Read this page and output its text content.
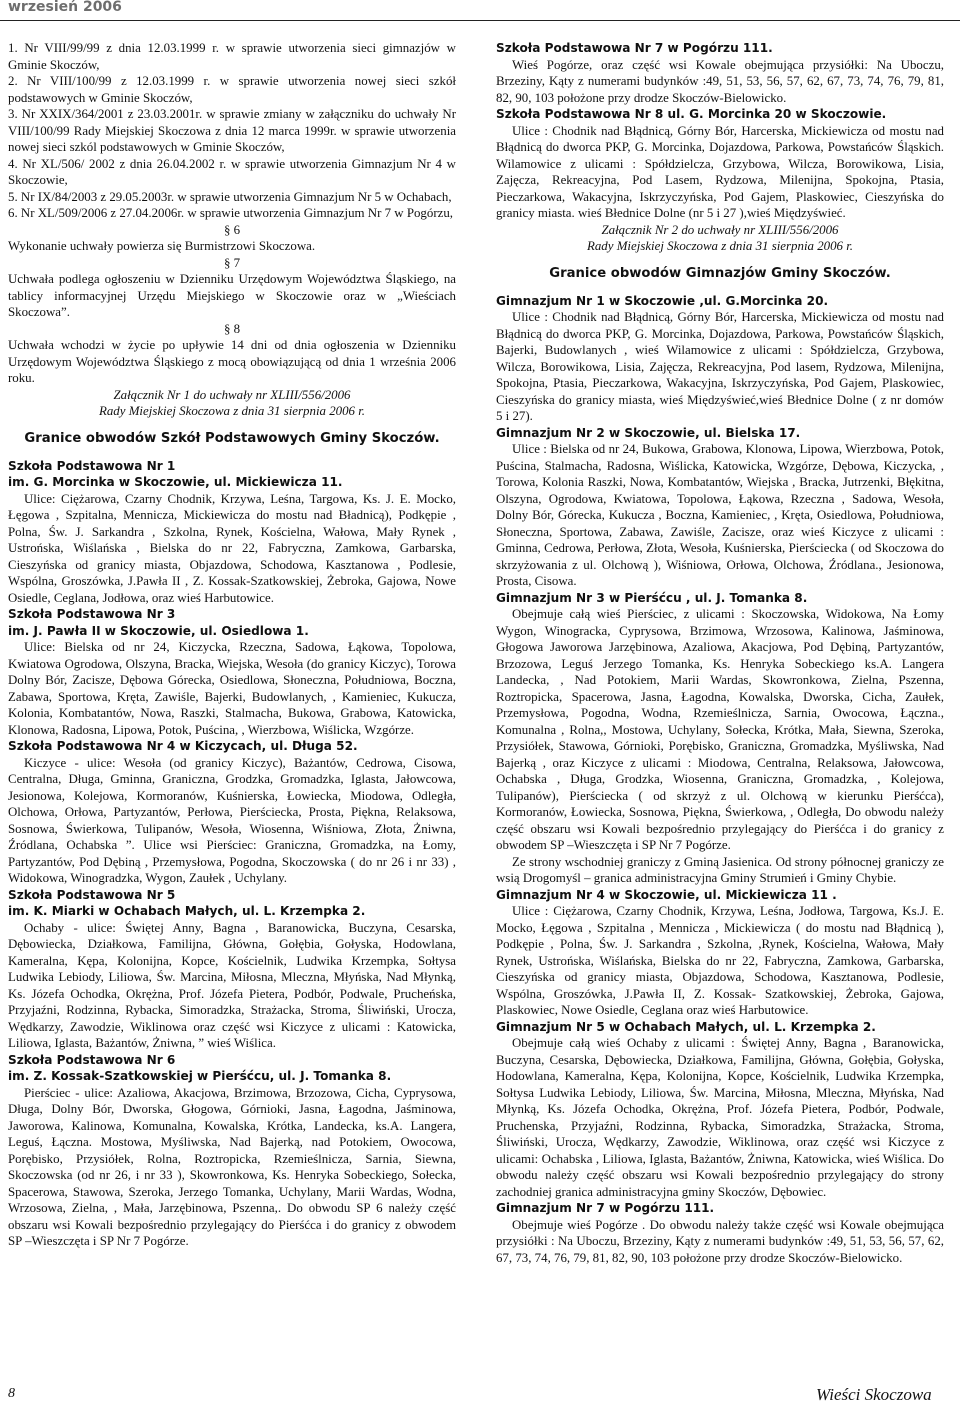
wrzesień 2006

1. Nr VIII/99/99 z dnia 12.03.1999 r. w sprawie utworzenia sieci gimnazjów w Gminie Skoczów,

2. Nr VIII/100/99 z 12.03.1999 r. w sprawie utworzenia nowej sieci szkół podstawowych w Gminie Skoczów,

3. Nr XXIX/364/2001 z 23.03.2001r. w sprawie zmiany w załączniku do uchwały Nr VIII/100/99 Rady Miejskiej Skoczowa z dnia 12 marca 1999r. w sprawie utworzenia nowej sieci szkól podstawowych w Gminie Skoczów,

4. Nr XL/506/ 2002 z dnia 26.04.2002 r. w sprawie utworzenia Gimnazjum Nr 4 w Skoczowie,

5. Nr IX/84/2003 z 29.05.2003r. w sprawie utworzenia Gimnazjum Nr 5 w Ochabach,

6. Nr XL/509/2006 z 27.04.2006r. w sprawie utworzenia Gimnazjum Nr 7 w Pogórzu,

§ 6

Wykonanie uchwały powierza się Burmistrzowi Skoczowa.

§ 7

Uchwała podlega ogłoszeniu w Dzienniku Urzędowym Województwa Śląskiego, na tablicy informacyjnej Urzędu Miejskiego w Skoczowie oraz w „Wieściach Skoczowa”.

§ 8

Uchwała wchodzi w życie po upływie 14 dni od dnia ogłoszenia w Dzienniku Urzędowym Województwa Śląskiego z mocą obowiązującą od dnia 1 września 2006 roku.

Załącznik Nr 1 do uchwały nr XLIII/556/2006

Rady Miejskiej Skoczowa z dnia 31 sierpnia 2006 r.

Granice obwodów Szkół Podstawowych Gminy Skoczów.

Szkoła Podstawowa Nr 1

im. G. Morcinka w Skoczowie, ul. Mickiewicza 11.

Ulice: Ciężarowa, Czarny Chodnik, Krzywa, Leśna, Targowa, Ks. J. E. Mocko, Łęgowa , Szpitalna, Mennicza, Mickiewicza do mostu nad Bładnicą), Podkępie , Polna, Św. J. Sarkandra , Szkolna, Rynek, Kościelna, Wałowa, Mały Rynek , Ustrońska, Wiślańska , Bielska do nr 22, Fabryczna, Zamkowa, Garbarska, Cieszyńska od granicy miasta, Objazdowa, Schodowa, Kasztanowa , Podlesie, Wspólna, Groszówka, J.Pawła II , Z. Kossak-Szatkowskiej, Żebroka, Gajowa, Nowe Osiedle, Ceglana, Jodłowa, oraz wieś Harbutowice.

Szkoła Podstawowa Nr 3

im. J. Pawła II w Skoczowie, ul. Osiedlowa 1.

Ulice: Bielska od nr 24, Kiczycka, Rzeczna, Sadowa, Łąkowa, Topolowa, Kwiatowa Ogrodowa, Olszyna, Bracka, Wiejska, Wesoła (do granicy Kiczyc), Torowa Dolny Bór, Zacisze, Dębowa Górecka, Osiedlowa, Słoneczna, Południowa, Boczna, Zabawa, Sportowa, Kręta, Zawiśle, Bajerki, Budowlanych, , Kamieniec, Kukucza, Kolonia, Kombatantów, Nowa, Raszki, Stalmacha, Bukowa, Grabowa, Katowicka, Klonowa, Radosna, Lipowa, Potok, Puścina, , Wierzbowa, Wiślicka, Wzgórze.

Szkoła Podstawowa Nr 4 w Kiczycach, ul. Długa 52.

Kiczyce - ulice: Wesoła (od granicy Kiczyc), Bażantów, Cedrowa, Cisowa, Centralna, Długa, Gminna, Graniczna, Grodzka, Gromadzka, Iglasta, Jałowcowa, Jesionowa, Kolejowa, Kormoranów, Kuśnierska, Łowiecka, Miodowa, Odległa, Olchowa, Orłowa, Partyzantów, Perłowa, Pierściecka, Prosta, Piękna, Relaksowa, Sosnowa, Świerkowa, Tulipanów, Wesoła, Wiosenna, Wiśniowa, Złota, Żniwna, Źródlana, Ochabska ”. Ulice wsi Pierściec: Graniczna, Gromadzka, na Łomy, Partyzantów, Pod Dębiną , Przemysłowa, Pogodna, Skoczowska ( do nr 26 i nr 33) , Widokowa, Winogradzka, Wygon, Zaułek , Uchylany.

Szkoła Podstawowa Nr 5

im. K. Miarki w Ochabach Małych, ul. L. Krzempka 2.

Ochaby - ulice: Świętej Anny, Bagna , Baranowicka, Buczyna, Cesarska, Dębowiecka, Działkowa, Familijna, Główna, Gołębia, Gołyska, Hodowlana, Kameralna, Kępa, Kolonijna, Kopce, Kościelnik, Ludwika Krzempka, Sołtysa Ludwika Lebiody, Liliowa, Św. Marcina, Miłosna, Mleczna, Młyńska, Nad Młynką, Ks. Józefa Ochodka, Okrężna, Prof. Józefa Pietera, Podbór, Podwale, Prucheńska, Przyjaźni, Rodzinna, Rybacka, Simoradzka, Strażacka, Stroma, Śliwiński, Urocza, Wędkarzy, Zawodzie, Wiklinowa oraz część wsi Kiczyce z ulicami : Katowicka, Liliowa, Iglasta, Bażantów, Żniwna, ” wieś Wiślica.

Szkoła Podstawowa Nr 6

im. Z. Kossak-Szatkowskiej w Pierśćcu, ul. J. Tomanka 8.

Pierściec - ulice: Azaliowa, Akacjowa, Brzimowa, Brzozowa, Cicha, Cyprysowa, Długa, Dolny Bór, Dworska, Głogowa, Górnioki, Jasna, Łagodna, Jaśminowa, Jaworowa, Kalinowa, Komunalna, Kowalska, Krótka, Landecka, ks.A. Langera, Leguś, Łączna. Mostowa, Myśliwska, Nad Bajerką, nad Potokiem, Owocowa, Porębisko, Przysiółek, Rolna, Roztropicka, Rzemieślnicza, Sarnia, Siewna, Skoczowska (od nr 26, i nr 33 ), Skowronkowa, Ks. Henryka Sobeckiego, Sołecka, Spacerowa, Stawowa, Szeroka, Jerzego Tomanka, Uchylany, Marii Wardas, Wodna, Wrzosowa, Zielna, , Mała, Jarzębinowa, Pszenna,. Do obwodu SP 6 należy część obszaru wsi Kowali bezpośrednio przylegający do Pierśćca i do granicy z obwodem SP –Wieszczęta i SP Nr 7 Pogórze.

Szkoła Podstawowa Nr 7 w Pogórzu 111.

Wieś Pogórze, oraz część wsi Kowale obejmująca przysiółki: Na Uboczu, Brzeziny, Kąty z numerami budynków :49, 51, 53, 56, 57, 62, 67, 73, 74, 76, 79, 81, 82, 90, 103 położone przy drodze Skoczów-Bielowicko.

Szkoła Podstawowa Nr 8 ul. G. Morcinka 20 w Skoczowie.

Ulice : Chodnik nad Błądnicą, Górny Bór, Harcerska, Mickiewicza od mostu nad Błądnicą do dworca PKP, G. Morcinka, Dojazdowa, Parkowa, Powstańców Śląskich. Wilamowice z ulicami : Spółdzielcza, Grzybowa, Wilcza, Borowikowa, Lisia, Zajęcza, Rekreacyjna, Pod Lasem, Rydzowa, Milenijna, Spokojna, Ptasia, Pieczarkowa, Wakacyjna, Iskrzyczyńska, Pod Gajem, Plaskowiec, Cieszyńska do granicy miasta. wieś Błednice Dolne (nr 5 i 27 ),wieś Międzyświeć.

Załącznik Nr 2 do uchwały nr XLIII/556/2006

Rady Miejskiej Skoczowa z dnia 31 sierpnia 2006 r.

Granice obwodów Gimnazjów Gminy Skoczów.

Gimnazjum Nr 1 w Skoczowie ,ul. G.Morcinka 20.

Ulice : Chodnik nad Błądnicą, Górny Bór, Harcerska, Mickiewicza od mostu nad Błądnicą do dworca PKP, G. Morcinka, Dojazdowa, Parkowa, Powstańców Śląskich, Bajerki, Budowlanych , wieś Wilamowice z ulicami : Spółdzielcza, Grzybowa, Wilcza, Borowikowa, Lisia, Zajęcza, Rekreacyjna, Pod lasem, Rydzowa, Milenijna, Spokojna, Ptasia, Pieczarkowa, Wakacyjna, Iskrzyczyńska, Pod Gajem, Plaskowiec, Cieszyńska do granicy miasta, wieś Międzyświeć,wieś Błednice Dolne ( z nr domów 5 i 27).

Gimnazjum Nr 2 w Skoczowie, ul. Bielska 17.

Ulice : Bielska od nr 24, Bukowa, Grabowa, Klonowa, Lipowa, Wierzbowa, Potok, Puścina, Stalmacha, Radosna, Wiślicka, Katowicka, Wzgórze, Dębowa, Kiczycka, , Torowa, Kolonia Raszki, Nowa, Kombatantów, Wiejska , Bracka, Jutrzenki, Błękitna, Olszyna, Ogrodowa, Kwiatowa, Topolowa, Łąkowa, Rzeczna , Sadowa, Wesoła, Dolny Bór, Górecka, Kukucza , Boczna, Kamieniec, , Kręta, Osiedlowa, Południowa, Słoneczna, Sportowa, Zabawa, Zawiśle, Zacisze, oraz wieś Kiczyce z ulicami : Gminna, Cedrowa, Perłowa, Złota, Wesoła, Kuśnierska, Pierściecka ( od Skoczowa do skrzyżowania z ul. Olchową ), Wiśniowa, Orłowa, Olchowa, Źródlana., Jesionowa, Prosta, Cisowa.

Gimnazjum Nr 3 w Pierśćcu , ul. J. Tomanka 8.

Obejmuje całą wieś Pierściec, z ulicami : Skoczowska, Widokowa, Na Łomy Wygon, Winogracka, Cyprysowa, Brzimowa, Wrzosowa, Kalinowa, Jaśminowa, Głogowa Jaworowa Jarzębinowa, Azaliowa, Akacjowa, Pod Dębiną, Partyzantów, Brzozowa, Leguś Jerzego Tomanka, Ks. Henryka Sobeckiego ks.A. Langera Landecka, , Nad Potokiem, Marii Wardas, Skowronkowa, Zielna, Pszenna, Roztropicka, Spacerowa, Jasna, Łagodna, Kowalska, Dworska, Cicha, Zaułek, Przemysłowa, Pogodna, Wodna, Rzemieślnicza, Sarnia, Owocowa, Łączna., Komunalna , Rolna,, Mostowa, Uchylany, Sołecka, Krótka, Mała, Siewna, Szeroka, Przysiółek, Stawowa, Górnioki, Porębisko, Graniczna, Gromadzka, Myśliwska, Nad Bajerką , oraz Kiczyce z ulicami : Miodowa, Centralna, Relaksowa, Jałowcowa, Ochabska , Długa, Grodzka, Wiosenna, Graniczna, Gromadzka, , Kolejowa, Tulipanów), Pierściecka ( od skrzyż z ul. Olchową w kierunku Pierśćca), Kormoranów, Łowiecka, Sosnowa, Piękna, Świerkowa, , Odległa, Do obwodu należy część obszaru wsi Kowali bezpośrednio przylegający do Pierśćca i do granicy z obwodem SP –Wieszczęta i SP Nr 7 Pogórze.

Ze strony wschodniej graniczy z Gminą Jasienica. Od strony północnej graniczy ze wsią Drogomyśl – granica administracyjna Gminy Strumień i Gminy Chybie.

Gimnazjum Nr 4 w Skoczowie, ul. Mickiewicza 11 .

Ulice : Ciężarowa, Czarny Chodnik, Krzywa, Leśna, Jodłowa, Targowa, Ks.J. E. Mocko, Łęgowa , Szpitalna , Mennicza , Mickiewicza ( do mostu nad Błądnicą ), Podkępie , Polna, Św. J. Sarkandra , Szkolna, ,Rynek, Kościelna, Wałowa, Mały Rynek, Ustrońska, Wiślańska, Bielska do nr 22, Fabryczna, Zamkowa, Garbarska, Cieszyńska od granicy miasta, Objazdowa, Schodowa, Kasztanowa, Podlesie, Wspólna, Groszówka, J.Pawła II, Z. Kossak- Szatkowskiej, Żebroka, Gajowa, Plaskowiec, Nowe Osiedle, Ceglana oraz wieś Harbutowice.

Gimnazjum Nr 5 w Ochabach Małych, ul. L. Krzempka 2.

Obejmuje całą wieś Ochaby z ulicami : Świętej Anny, Bagna , Baranowicka, Buczyna, Cesarska, Dębowiecka, Działkowa, Familijna, Główna, Gołębia, Gołyska, Hodowlana, Kameralna, Kępa, Kolonijna, Kopce, Kościelnik, Ludwika Krzempka, Sołtysa Ludwika Lebiody, Liliowa, Św. Marcina, Miłosna, Mleczna, Młyńska, Nad Młynką, Ks. Józefa Ochodka, Okrężna, Prof. Józefa Pietera, Podbór, Podwale, Pruchenska, Przyjaźni, Rodzinna, Rybacka, Simoradzka, Strażacka, Stroma, Śliwiński, Urocza, Wędkarzy, Zawodzie, Wiklinowa, oraz część wsi Kiczyce z ulicami: Ochabska , Liliowa, Iglasta, Bażantów, Żniwna, Katowicka, wieś Wiślica. Do obwodu należy część obszaru wsi Kowali bezpośrednio przylegający do strony zachodniej granica administracyjna gminy Skoczów, Dębowiec.

Gimnazjum Nr 7 w Pogórzu 111.

Obejmuje wieś Pogórze . Do obwodu należy także część wsi Kowale obejmująca przysiółki : Na Uboczu, Brzeziny, Kąty z numerami budynków :49, 51, 53, 56, 57, 62, 67, 73, 74, 76, 79, 81, 82, 90, 103 położone przy drodze Skoczów-Bielowicko.

8	Wieści Skoczowa
